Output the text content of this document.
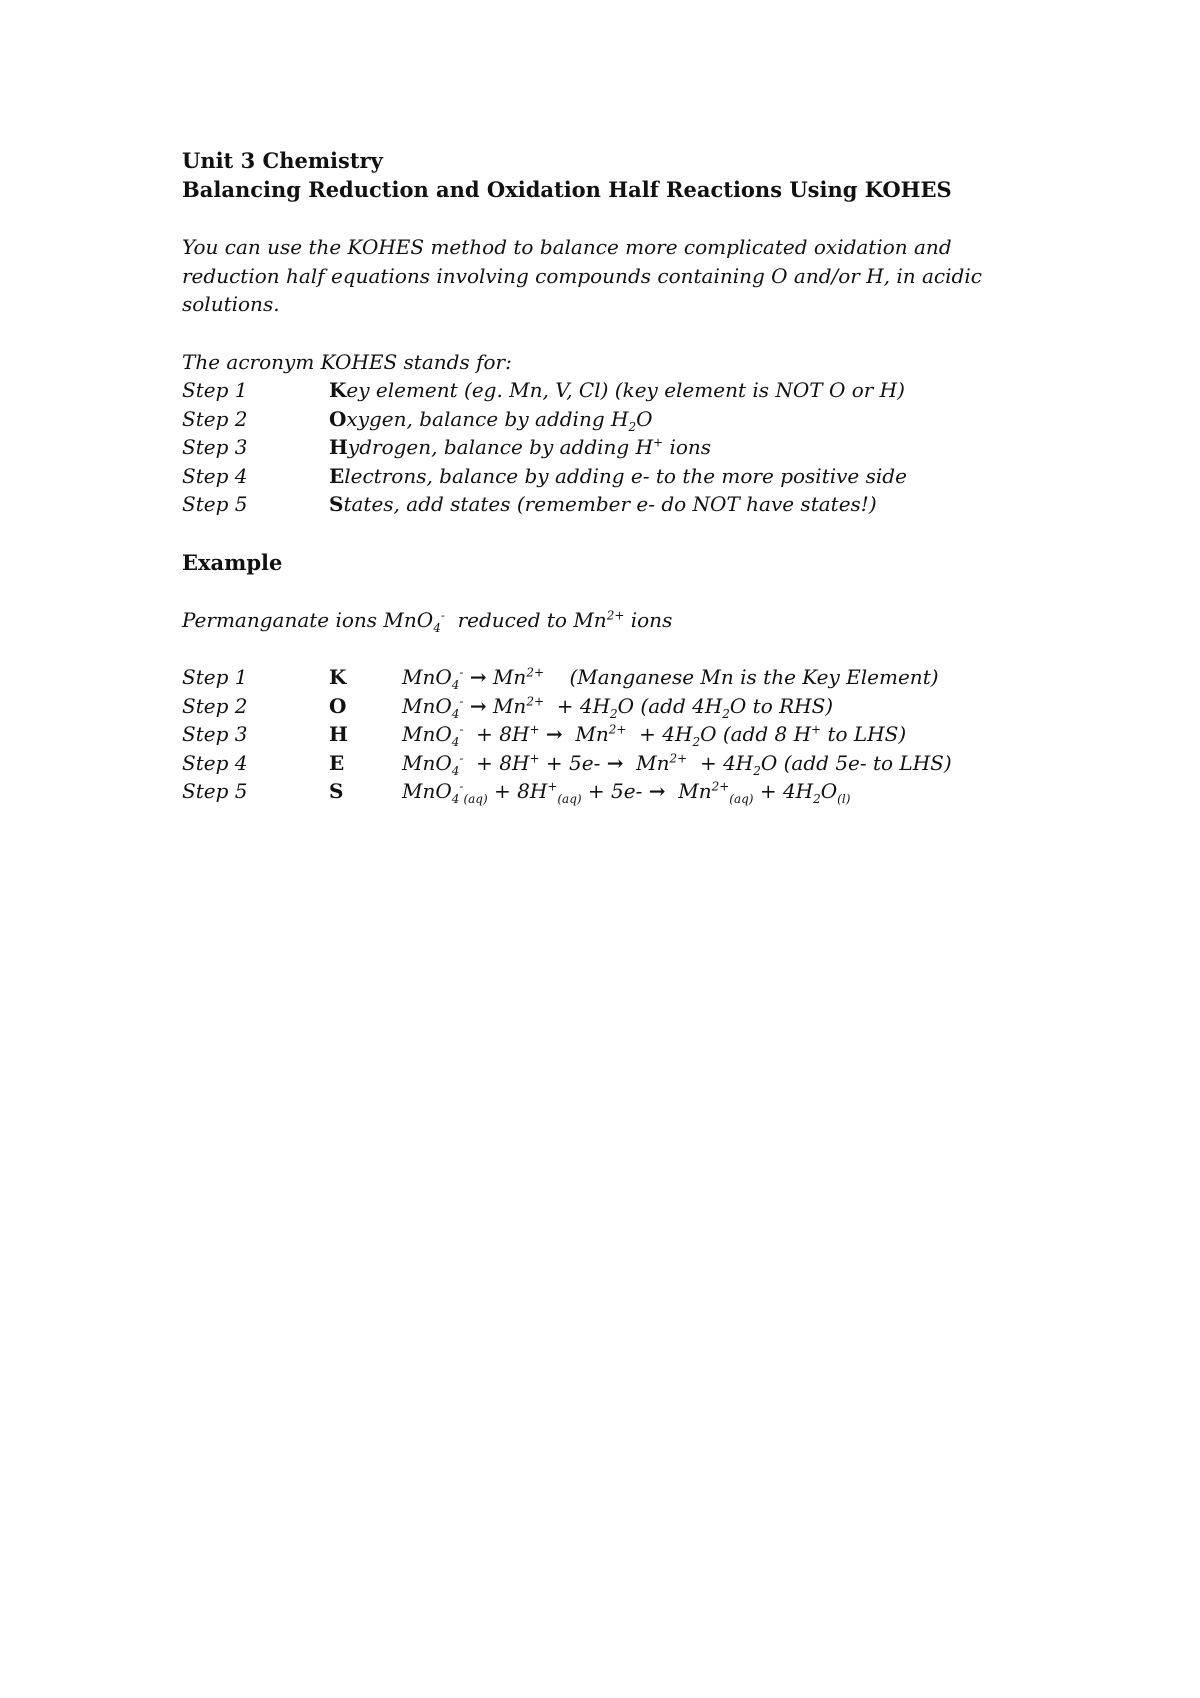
Unit 3 Chemistry

Balancing Reduction and Oxidation Half Reactions Using KOHES

You can use the KOHES method to balance more complicated oxidation and

reduction half equations involving compounds containing O and/or H, in acidic

solutions.

The acronym KOHES stands for:

Step 1	Key element (eg. Mn, V, Cl) (key element is NOT O or H)
Step 2	Oxygen, balance by adding $H_2O$
Step 3	Hydrogen, balance by adding H+ ions
Step 4	Electrons, balance by adding e- to the more positive side
Step 5	States, add states (remember e- do NOT have states!)

Example

Permanganate ions MnO$_4$-  reduced to $Mn^{2+}$ ions

Step 1	K	$MnO_4^- \to Mn^{2+}$    (Manganese Mn is the Key Element)
Step 2	O	$MnO_4^- \to Mn^{2+} + 4H_2O$ (add $4H_2O$ to RHS)
Step 3	H	$MnO_4^- + 8H^+ \to Mn^{2+} + 4H_2O$ (add 8 H+ to LHS)
Step 4	E	$MnO_4^- + 8H^+ + 5e- \to Mn^{2+} + 4H_2O$ (add 5e- to LHS)
Step 5	S	$MnO_4^-_{(aq)} + 8H^+_{(aq)} + 5e- \to Mn^{2+}_{(aq)} + 4H_2O_{(l)}$
